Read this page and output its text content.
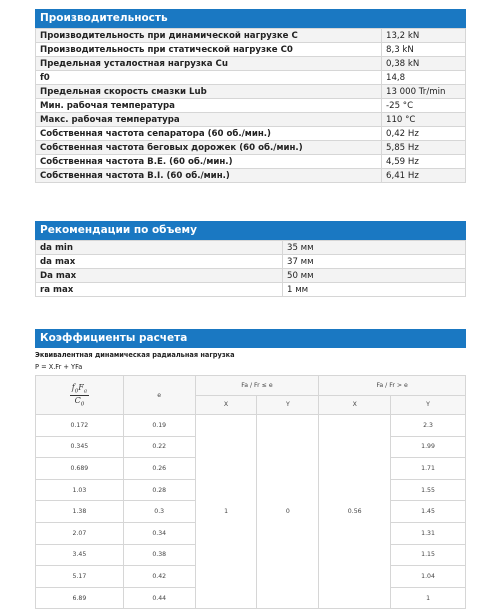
Производительность
Производительность при динамической нагрузке C	13,2 kN
Производительность при статической нагрузке C0	8,3 kN
Предельная усталостная нагрузка Cu	0,38 kN
f0	14,8
Предельная скорость смазки Lub	13 000 Tr/min
Мин. рабочая температура	-25 °C
Макс. рабочая температура	110 °C
Собственная частота сепаратора (60 об./мин.)	0,42 Hz
Собственная частота беговых дорожек (60 об./мин.)	5,85 Hz
Собственная частота B.E. (60 об./мин.)	4,59 Hz
Собственная частота B.I. (60 об./мин.)	6,41 Hz
Рекомендации по объему
da min	35 мм
da max	37 мм
Da max	50 мм
ra max	1 мм
Коэффициенты расчета
Эквивалентная динамическая радиальная нагрузка
P = X.Fr + YFa
$\frac{f_0F_a}{C_0}$	e	Fa / Fr ≤ e		Fa / Fr > e	
		X	Y	X	Y
0.172	0.19	1	0	0.56	2.3
0.345	0.22				1.99
0.689	0.26				1.71
1.03	0.28				1.55
1.38	0.3				1.45
2.07	0.34				1.31
3.45	0.38				1.15
5.17	0.42				1.04
6.89	0.44				1
